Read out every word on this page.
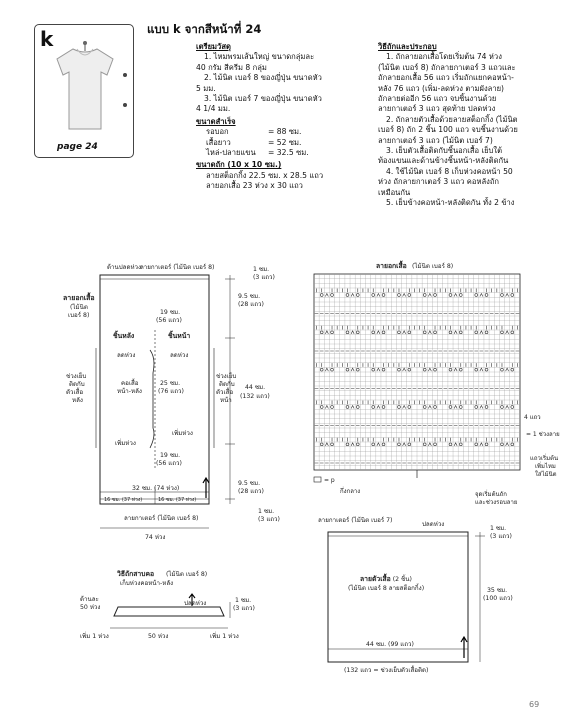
k
page 24
แบบ k จากสีหน้าที่ 24
เตรียมวัสดุ
1. ไหมพรมเส้นใหญ่ ขนาดกลุ่มละ
40 กรัม สีครีม 8 กลุ่ม
2. ไม้นิต เบอร์ 8 ของญี่ปุ่น ขนาดหัว
5 มม.
3. ไม้นิต เบอร์ 7 ของญี่ปุ่น ขนาดหัว
4 1/4 มม.
ขนาดสำเร็จ
รอบอก	= 88 ซม.
เสื้อยาว	= 52 ซม.
ไหล่-ปลายแขน = 32.5 ซม.
ขนาดถัก (10 x 10 ซม.)
ลายสต็อกกิ้ง 22.5 ซม. x 28.5 แถว
ลายอกเสื้อ 23 ห่วง x 30 แถว
วิธีถักและประกอบ
1. ถักลายอกเสื้อโดยเริ่มต้น 74 ห่วง
(ไม้นิต เบอร์ 8) ถักลายกาเตอร์ 3 แถวและ
ถักลายอกเสื้อ 56 แถว เริ่มถักแยกคอหน้า-
หลัง 76 แถว (เพิ่ม-ลดห่วง ตามผังลาย)
ถักลายต่ออีก 56 แถว จบชิ้นงานด้วย
ลายกาเตอร์ 3 แถว สุดท้าย ปลดห่วง
2. ถักลายตัวเสื้อด้วยลายสต็อกกิ้ง (ไม้นิต
เบอร์ 8) ถัก 2 ชิ้น 100 แถว จบชิ้นงานด้วย
ลายกาเตอร์ 3 แถว (ไม้นิต เบอร์ 7)
3. เย็บตัวเสื้อติดกับชิ้นอกเสื้อ เย็บใต้
ท้องแขนและด้านข้างชิ้นหน้า-หลังติดกัน
4. ใช้ไม้นิต เบอร์ 8 เก็บห่วงคอหน้า 50
ห่วง ถักลายกาเตอร์ 3 แถว คอหลังถัก
เหมือนกัน
5. เย็บข้างคอหน้า-หลังติดกัน ทั้ง 2 ข้าง
ด้านปลดห่วง
ลายกาเตอร์ (ไม้นิต เบอร์ 8)	1 ซม.
(3 แถว)
9.5 ซม.
(28 แถว)
44 ซม.
(132 แถว)
9.5 ซม.
(28 แถว)
1 ซม.
(3 แถว)
ลายอกเสื้อ
(ไม้นิต
เบอร์ 8)
ช่วงเย็บ
ติดกับ
ตัวเสื้อ
หลัง
ช่วงเย็บ
ติดกับ
ตัวเสื้อ
หน้า
19 ซม.
(56 แถว)
ชิ้นหลัง	ชิ้นหน้า
ลดห่วง	ลดห่วง
คอเสื้อ
หน้า-หลัง
25 ซม.
(76 แถว)
เพิ่มห่วง
เพิ่มห่วง
19 ซม.
(56 แถว)
32 ซม. (74 ห่วง)
16 ซม. (37 ห่วง)	16 ซม. (37 ห่วง)
ลายกาเตอร์ (ไม้นิต เบอร์ 8)
74 ห่วง
ลายอกเสื้อ (ไม้นิต เบอร์ 8)
= p
กึ่งกลาง
4 แถว
= 1 ช่วงลาย
แถวเริ่มต้น
เพิ่มไหม
ใส่ไม้นิต
จุดเริ่มต้นถัก
และช่วงรอบลาย
วิธีถักสาบคอ (ไม้นิต เบอร์ 8)
เก็บห่วงคอหน้า-หลัง
ด้านละ
50 ห่วง
ปลดห่วง	1 ซม.
(3 แถว)
เพิ่ม 1 ห่วง	50 ห่วง	เพิ่ม 1 ห่วง
ลายกาเตอร์ (ไม้นิต เบอร์ 7)
ปลดห่วง
1 ซม.
(3 แถว)
ลายตัวเสื้อ (2 ชิ้น)
(ไม้นิต เบอร์ 8 ลายสต็อกกิ้ง)	35 ซม.
(100 แถว)
44 ซม. (99 แถว)
(132 แถว = ช่วงเย็บตัวเสื้อติด)
69
